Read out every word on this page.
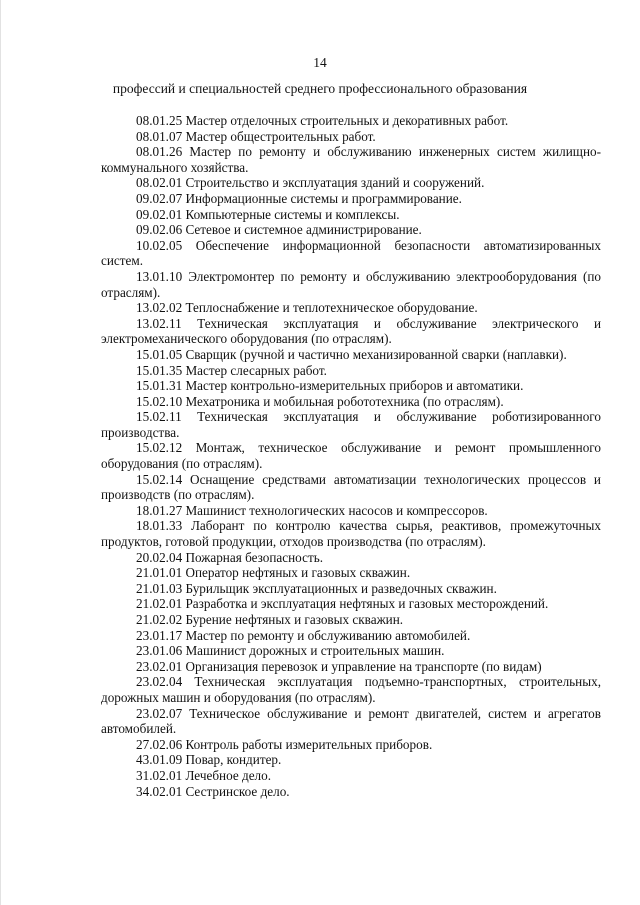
14
профессий и специальностей среднего профессионального образования

08.01.25 Мастер отделочных строительных и декоративных работ.

08.01.07 Мастер общестроительных работ.

08.01.26 Мастер по ремонту и обслуживанию инженерных систем жилищно-коммунального хозяйства.

08.02.01 Строительство и эксплуатация зданий и сооружений.

09.02.07 Информационные системы и программирование.

09.02.01 Компьютерные системы и комплексы.

09.02.06 Сетевое и системное администрирование.

10.02.05 Обеспечение информационной безопасности автоматизированных систем.

13.01.10 Электромонтер по ремонту и обслуживанию электрооборудования (по отраслям).

13.02.02 Теплоснабжение и теплотехническое оборудование.

13.02.11 Техническая эксплуатация и обслуживание электрического и электромеханического оборудования (по отраслям).

15.01.05 Сварщик (ручной и частично механизированной сварки (наплавки).

15.01.35 Мастер слесарных работ.

15.01.31 Мастер контрольно-измерительных приборов и автоматики.

15.02.10 Мехатроника и мобильная робототехника (по отраслям).

15.02.11 Техническая эксплуатация и обслуживание роботизированного производства.

15.02.12 Монтаж, техническое обслуживание и ремонт промышленного оборудования (по отраслям).

15.02.14 Оснащение средствами автоматизации технологических процессов и производств (по отраслям).

18.01.27 Машинист технологических насосов и компрессоров.

18.01.33 Лаборант по контролю качества сырья, реактивов, промежуточных продуктов, готовой продукции, отходов производства (по отраслям).

20.02.04 Пожарная безопасность.

21.01.01 Оператор нефтяных и газовых скважин.

21.01.03 Бурильщик эксплуатационных и разведочных скважин.

21.02.01 Разработка и эксплуатация нефтяных и газовых месторождений.

21.02.02 Бурение нефтяных и газовых скважин.

23.01.17 Мастер по ремонту и обслуживанию автомобилей.

23.01.06 Машинист дорожных и строительных машин.

23.02.01 Организация перевозок и управление на транспорте (по видам)

23.02.04 Техническая эксплуатация подъемно-транспортных, строительных, дорожных машин и оборудования (по отраслям).

23.02.07 Техническое обслуживание и ремонт двигателей, систем и агрегатов автомобилей.

27.02.06 Контроль работы измерительных приборов.

43.01.09 Повар, кондитер.

31.02.01 Лечебное дело.

34.02.01 Сестринское дело.
